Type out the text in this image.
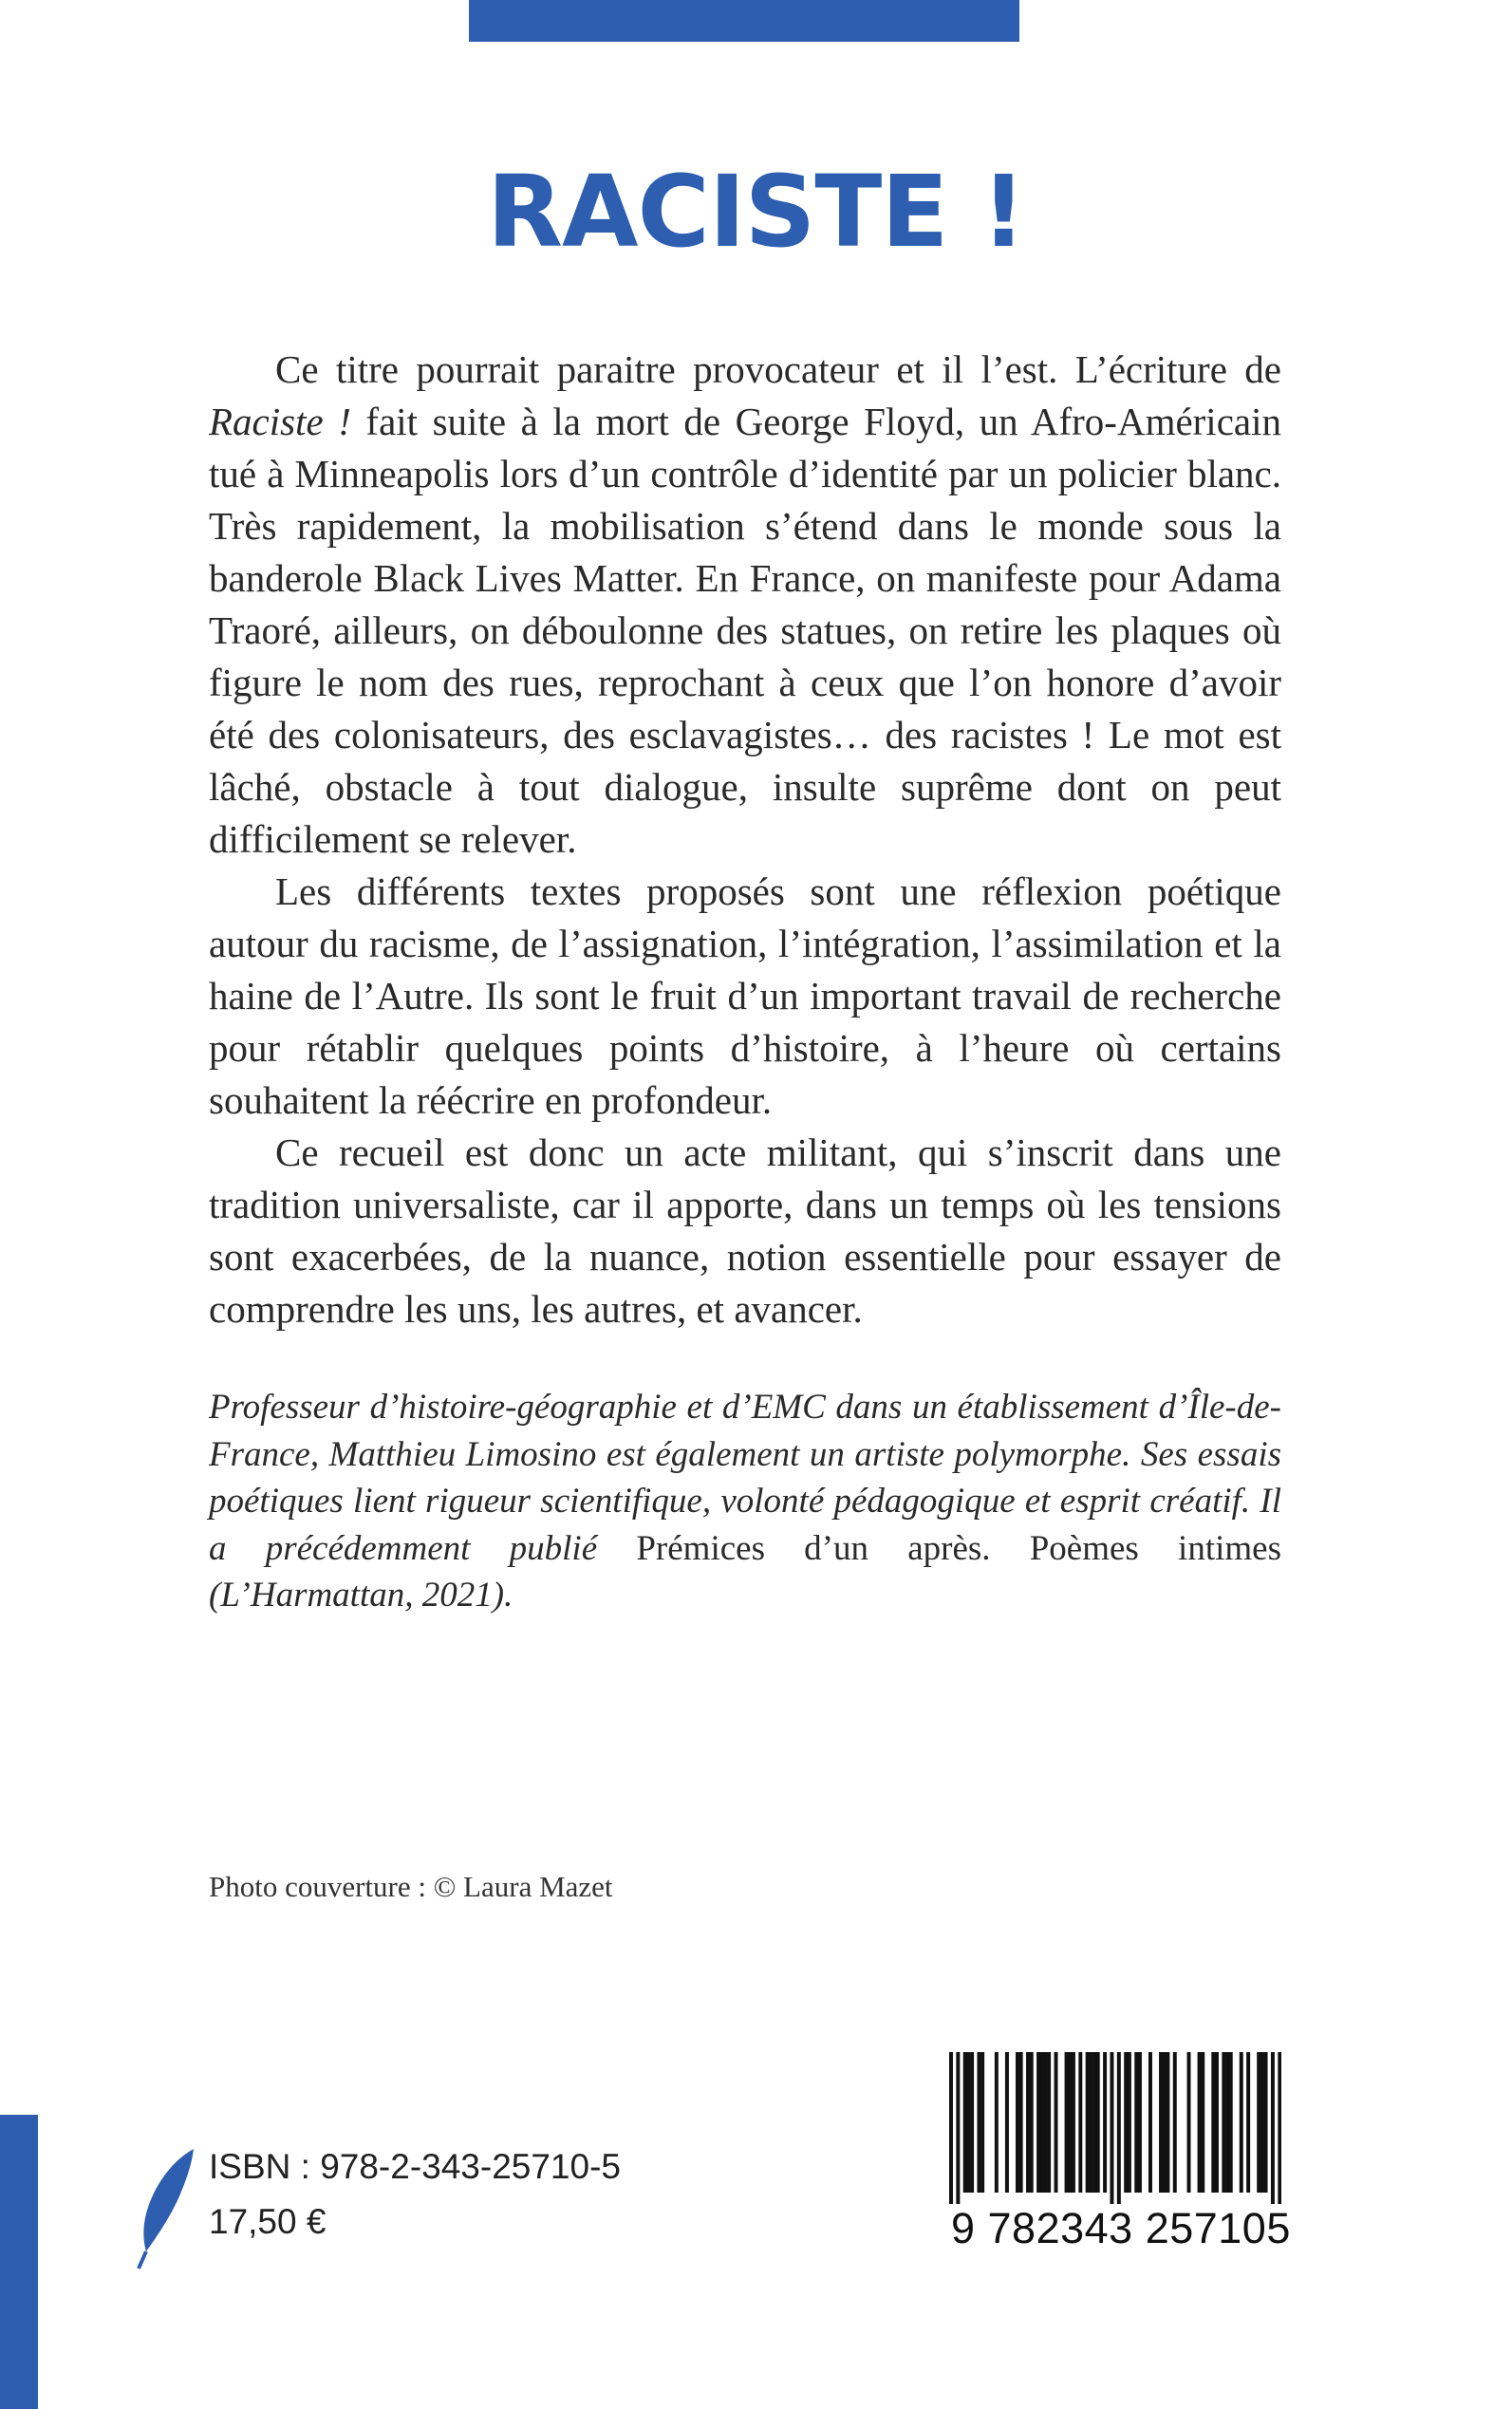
RACISTE !

Ce titre pourrait paraitre provocateur et il l’est. L’écriture de Raciste ! fait suite à la mort de George Floyd, un Afro-Américain tué à Minneapolis lors d’un contrôle d’identité par un policier blanc. Très rapidement, la mobilisation s’étend dans le monde sous la banderole Black Lives Matter. En France, on manifeste pour Adama Traoré, ailleurs, on déboulonne des statues, on retire les plaques où figure le nom des rues, reprochant à ceux que l’on honore d’avoir été des colonisateurs, des esclavagistes… des racistes ! Le mot est lâché, obstacle à tout dialogue, insulte suprême dont on peut difficilement se relever.

Les différents textes proposés sont une réflexion poétique autour du racisme, de l’assignation, l’intégration, l’assimilation et la haine de l’Autre. Ils sont le fruit d’un important travail de recherche pour rétablir quelques points d’histoire, à l’heure où certains souhaitent la réécrire en profondeur.

Ce recueil est donc un acte militant, qui s’inscrit dans une tradition universaliste, car il apporte, dans un temps où les tensions sont exacerbées, de la nuance, notion essentielle pour essayer de comprendre les uns, les autres, et avancer.

Professeur d’histoire-géographie et d’EMC dans un établissement d’Île-de-France, Matthieu Limosino est également un artiste polymorphe. Ses essais poétiques lient rigueur scientifique, volonté pédagogique et esprit créatif. Il a précédemment publié Prémices d’un après. Poèmes intimes (L’Harmattan, 2021).
Photo couverture : © Laura Mazet
ISBN : 978-2-343-25710-5
17,50 €	9 782343 257105
